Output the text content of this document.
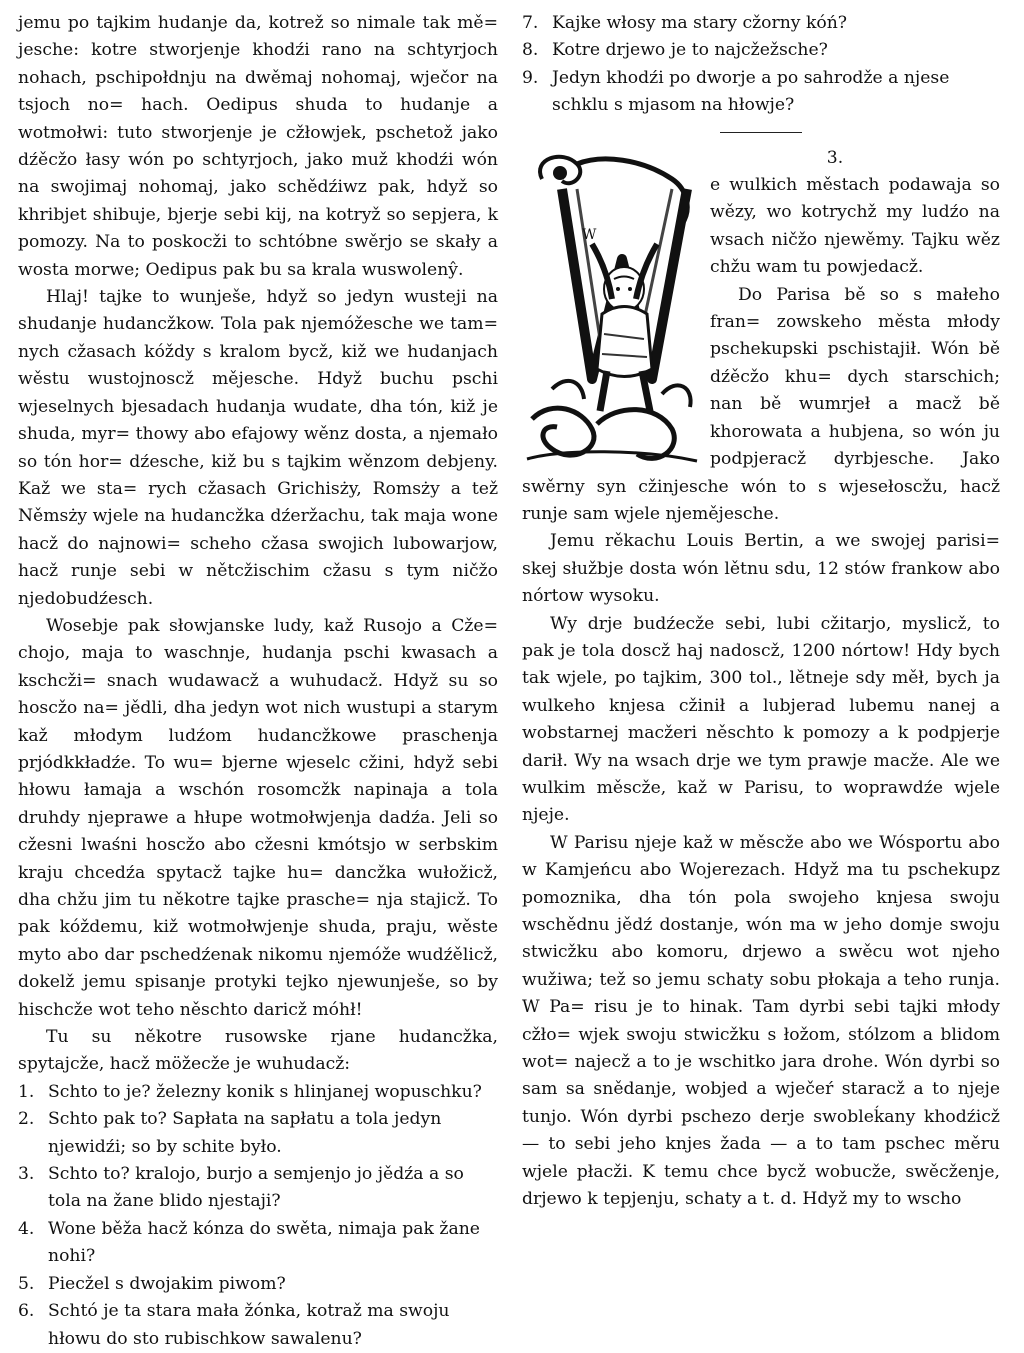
jemu po tajkim hudanje da, kotrež so nimale tak mě= jesche: kotre stworjenje khodźi rano na schtyrjoch nohach, pschipołdnju na dwěmaj nohomaj, wječor na tsjoch no= hach. Oedipus shuda to hudanje a wotmołwi: tuto stworjenje je cžłowjek, pschetož jako dźěcžo łasy wón po schtyrjoch, jako muž khodźi wón na swojimaj nohomaj, jako schědźiwz pak, hdyž so khribjet shibuje, bjerje sebi kij, na kotryž so sepjera, k pomozy. Na to poskocži to schtóbne swěrjo se skały a wosta morwe; Oedipus pak bu sa krala wuswolenŷ.

Hlaj! tajke to wunješe, hdyž so jedyn wusteji na shudanje hudancžkow. Tola pak njemóžesche we tam= nych cžasach kóždy s kralom bycž, kiž we hudanjach wěstu wustojnoscž mějesche. Hdyž buchu pschi wjeselnych bjesadach hudanja wudate, dha tón, kiž je shuda, myr= thowy abo efajowy wěnz dosta, a njemało so tón hor= dźesche, kiž bu s tajkim wěnzom debjeny. Kaž we sta= rych cžasach Grichisży, Romsży a tež Němsży wjele na hudancžka dźeržachu, tak maja wone hacž do najnowi= scheho cžasa swojich lubowarjow, hacž runje sebi w nětcžischim cžasu s tym ničžo njedobudźesch.

Wosebje pak słowjanske ludy, kaž Rusojo a Cže= chojo, maja to waschnje, hudanja pschi kwasach a kschcži= snach wudawacž a wuhudacž. Hdyž su so hoscžo na= jědli, dha jedyn wot nich wustupi a starym kaž młodym ludźom hudancžkowe praschenja prjódkkładźe. To wu= bjerne wjeselc cžini, hdyž sebi hłowu łamaja a wschón rosomcžk napinaja a tola druhdy njeprawe a hłupe wotmołwjenja dadźa. Jeli so cžesni lwaśni hoscžo abo cžesni kmótsjo w serbskim kraju chcedźa spytacž tajke hu= dancžka wułožicž, dha chžu jim tu někotre tajke prasche= nja stajicž. To pak kóždemu, kiž wotmołwjenje shuda, praju, wěste myto abo dar pschedźenak nikomu njemóže wudźělicž, dokelž jemu spisanje protyki tejko njewunješe, so by hischcže wot teho něschto daricž móhł!

Tu su někotre rusowske rjane hudancžka, spytajcže, hacž möžecže je wuhudacž:

1. Schto to je? železny konik s hlinjanej wopuschku?
2. Schto pak to? Sapłata na sapłatu a tola jedyn njewidźi; so by schite było.
3. Schto to? kralojo, burjo a semjenjo jo jědźa a so tola na žane blido njestaji?
4. Wone běža hacž kónza do swěta, nimaja pak žane nohi?
5. Piecžel s dwojakim piwom?
6. Schtó je ta stara mała žónka, kotraž ma swoju hłowu do sto rubischkow sawalenu?
7. Kajke włosy ma stary cžorny kóń?
8. Kotre drjewo je to najcžežsche?
9. Jedyn khodźi po dworje a po sahrodže a njese schklu s mjasom na hłowje?
W
3.

e wulkich městach podawaja so wězy, wo kotrychž my ludźo na wsach ničžo njewěmy. Tajku wěz chžu wam tu powjedacž.

Do Parisa bě so s małeho fran= zowskeho města młody pschekupski pschistajił. Wón bě dźěcžo khu= dych starschich; nan bě wumrjeł a macž bě khorowata a hubjena, so wón ju podpjeracž dyrbjesche. Jako swěrny syn cžinjesche wón to s wjesełoscžu, hacž runje sam wjele njemějesche.

Jemu rěkachu Louis Bertin, a we swojej parisi= skej słužbje dosta wón lětnu sdu, 12 stów frankow abo nórtow wysoku.

Wy drje budźecže sebi, lubi cžitarjo, myslicž, to pak je tola doscž haj nadoscž, 1200 nórtow! Hdy bych tak wjele, po tajkim, 300 tol., lětneje sdy měł, bych ja wulkeho knjesa cžinił a lubjerad lubemu nanej a wobstarnej macžeri něschto k pomozy a k podpjerje darił. Wy na wsach drje we tym prawje macže. Ale we wulkim měscže, kaž w Parisu, to woprawdźe wjele njeje.

W Parisu njeje kaž w měscže abo we Wósportu abo w Kamjeńcu abo Wojerezach. Hdyž ma tu pschekupz pomoznika, dha tón pola swojeho knjesa swoju wschědnu jědź dostanje, wón ma w jeho domje swoju stwicžku abo komoru, drjewo a swěcu wot njeho wužiwa; tež so jemu schaty sobu płokaja a teho runja. W Pa= risu je to hinak. Tam dyrbi sebi tajki młody cžło= wjek swoju stwicžku s łožom, stólzom a blidom wot= najecž a to je wschitko jara drohe. Wón dyrbi so sam sa snědanje, wobjed a wječeŕ staracž a to njeje tunjo. Wón dyrbi pschezo derje swobleḱany khodźicž — to sebi jeho knjes žada — a to tam pschec měru wjele płacži. K temu chce bycž wobucže, swěcženje, drjewo k tepjenju, schaty a t. d. Hdyž my to wscho
